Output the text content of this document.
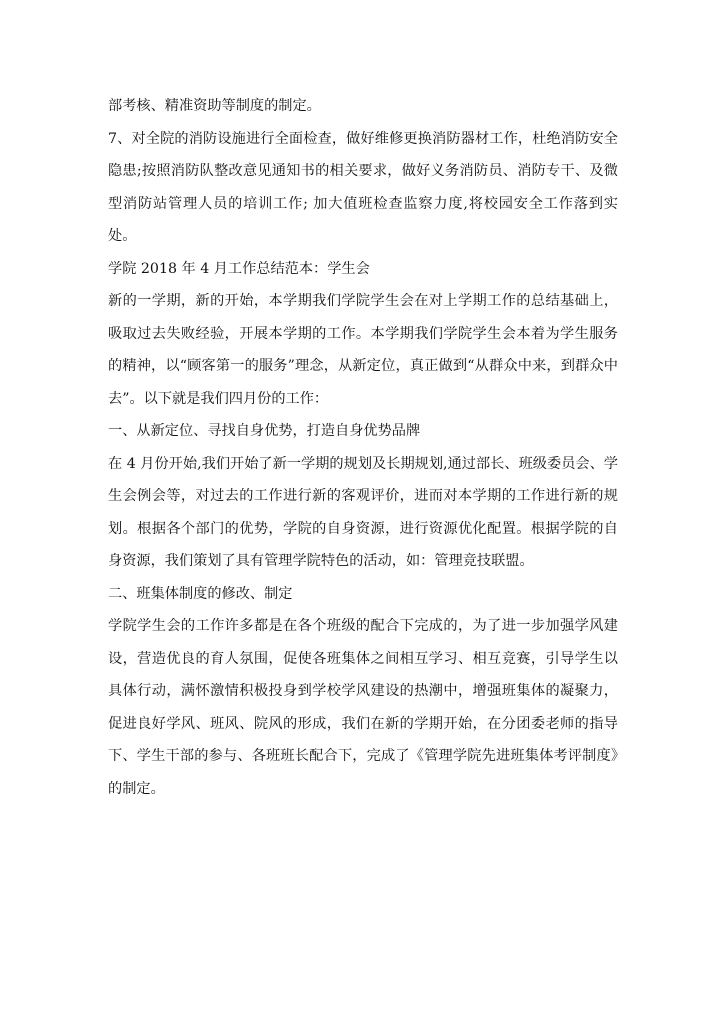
部考核、精准资助等制度的制定。

7、对全院的消防设施进行全面检查，做好维修更换消防器材工作，杜绝消防安全隐患;按照消防队整改意见通知书的相关要求，做好义务消防员、消防专干、及微型消防站管理人员的培训工作; 加大值班检查监察力度,将校园安全工作落到实处。

学院 2018 年 4 月工作总结范本：学生会

新的一学期，新的开始，本学期我们学院学生会在对上学期工作的总结基础上，吸取过去失败经验，开展本学期的工作。本学期我们学院学生会本着为学生服务的精神，以“顾客第一的服务”理念，从新定位，真正做到“从群众中来，到群众中去”。以下就是我们四月份的工作：

一、从新定位、寻找自身优势，打造自身优势品牌

在 4 月份开始,我们开始了新一学期的规划及长期规划,通过部长、班级委员会、学生会例会等，对过去的工作进行新的客观评价，进而对本学期的工作进行新的规划。根据各个部门的优势，学院的自身资源，进行资源优化配置。根据学院的自身资源，我们策划了具有管理学院特色的活动，如：管理竞技联盟。

二、班集体制度的修改、制定

学院学生会的工作许多都是在各个班级的配合下完成的，为了进一步加强学风建设，营造优良的育人氛围，促使各班集体之间相互学习、相互竞赛，引导学生以具体行动，满怀激情积极投身到学校学风建设的热潮中，增强班集体的凝聚力，促进良好学风、班风、院风的形成，我们在新的学期开始，在分团委老师的指导下、学生干部的参与、各班班长配合下，完成了《管理学院先进班集体考评制度》的制定。
